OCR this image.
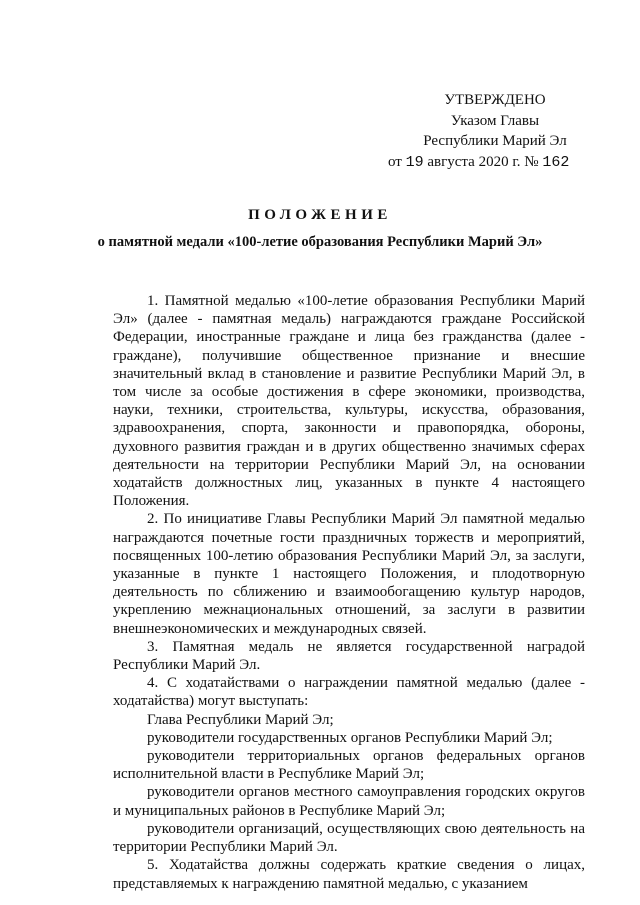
УТВЕРЖДЕНО
Указом Главы
Республики Марий Эл
от 19 августа 2020 г. № 162
ПОЛОЖЕНИЕ
о памятной медали «100-летие образования Республики Марий Эл»

1. Памятной медалью «100-летие образования Республики Марий Эл» (далее - памятная медаль) награждаются граждане Российской Федерации, иностранные граждане и лица без гражданства (далее - граждане), получившие общественное признание и внесшие значительный вклад в становление и развитие Республики Марий Эл, в том числе за особые достижения в сфере экономики, производства, науки, техники, строительства, культуры, искусства, образования, здравоохранения, спорта, законности и правопорядка, обороны, духовного развития граждан и в других общественно значимых сферах деятельности на территории Республики Марий Эл, на основании ходатайств должностных лиц, указанных в пункте 4 настоящего Положения.

2. По инициативе Главы Республики Марий Эл памятной медалью награждаются почетные гости праздничных торжеств и мероприятий, посвященных 100-летию образования Республики Марий Эл, за заслуги, указанные в пункте 1 настоящего Положения, и плодотворную деятельность по сближению и взаимообогащению культур народов, укреплению межнациональных отношений, за заслуги в развитии внешнеэкономических и международных связей.

3. Памятная медаль не является государственной наградой Республики Марий Эл.

4. С ходатайствами о награждении памятной медалью (далее - ходатайства) могут выступать:

Глава Республики Марий Эл;

руководители государственных органов Республики Марий Эл;

руководители территориальных органов федеральных органов исполнительной власти в Республике Марий Эл;

руководители органов местного самоуправления городских округов и муниципальных районов в Республике Марий Эл;

руководители организаций, осуществляющих свою деятельность на территории Республики Марий Эл.

5. Ходатайства должны содержать краткие сведения о лицах, представляемых к награждению памятной медалью, с указанием
